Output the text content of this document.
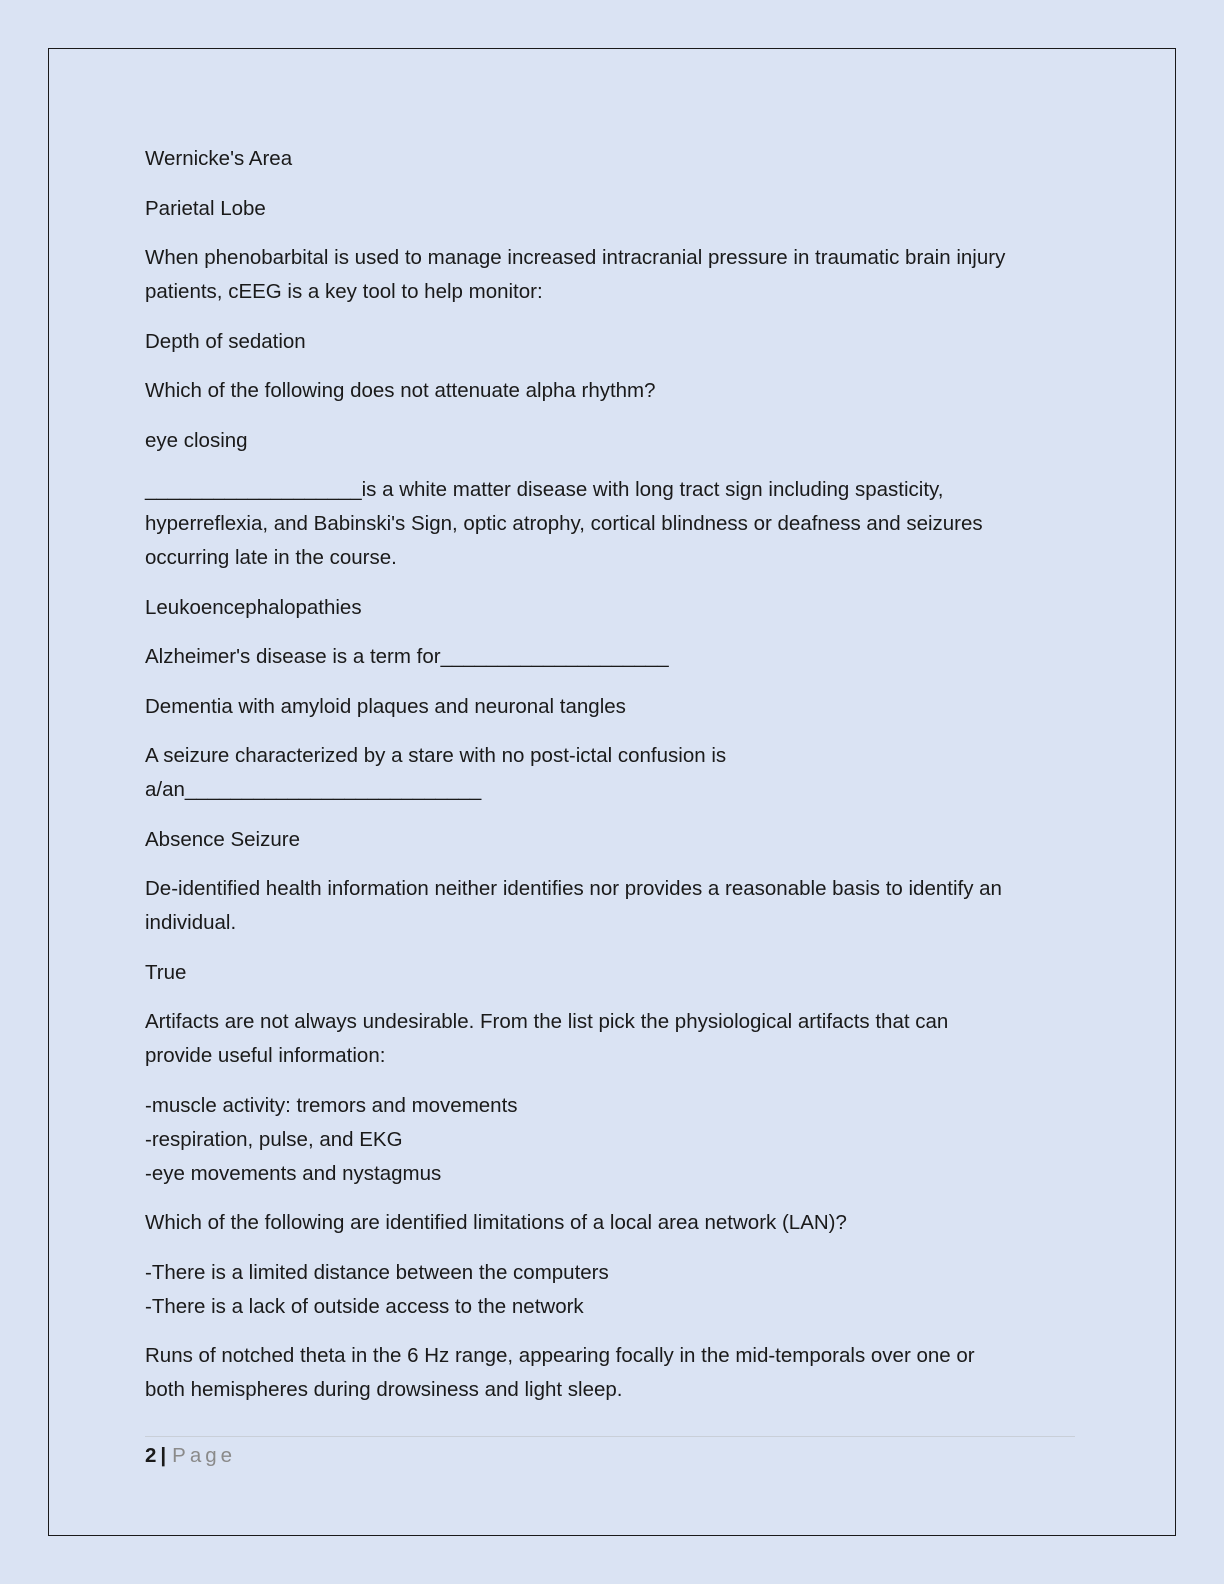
Wernicke's Area
Parietal Lobe
When phenobarbital is used to manage increased intracranial pressure in traumatic brain injury
patients, cEEG is a key tool to help monitor:
Depth of sedation
Which of the following does not attenuate alpha rhythm?
eye closing
___________________is a white matter disease with long tract sign including spasticity,
hyperreflexia, and Babinski's Sign, optic atrophy, cortical blindness or deafness and seizures
occurring late in the course.
Leukoencephalopathies
Alzheimer's disease is a term for____________________
Dementia with amyloid plaques and neuronal tangles
A seizure characterized by a stare with no post-ictal confusion is
a/an__________________________
Absence Seizure
De-identified health information neither identifies nor provides a reasonable basis to identify an
individual.
True
Artifacts are not always undesirable. From the list pick the physiological artifacts that can
provide useful information:
-muscle activity: tremors and movements
-respiration, pulse, and EKG
-eye movements and nystagmus
Which of the following are identified limitations of a local area network (LAN)?
-There is a limited distance between the computers
-There is a lack of outside access to the network
Runs of notched theta in the 6 Hz range, appearing focally in the mid-temporals over one or
both hemispheres during drowsiness and light sleep.
2 | Page
